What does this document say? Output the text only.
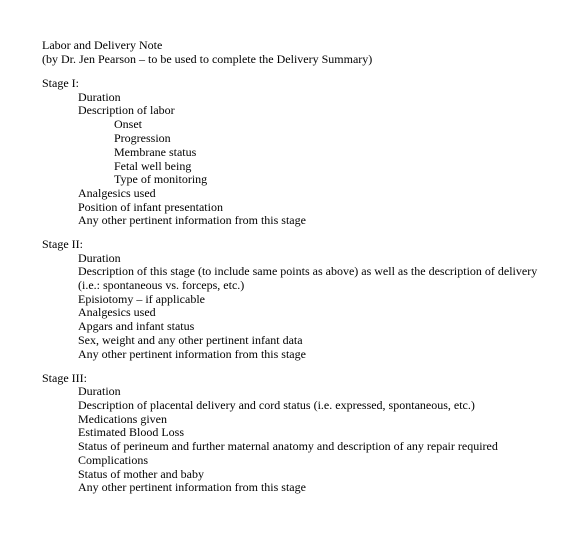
Labor and Delivery Note
(by Dr. Jen Pearson – to be used to complete the Delivery Summary)
Stage I:
Duration
Description of labor
Onset
Progression
Membrane status
Fetal well being
Type of monitoring
Analgesics used
Position of infant presentation
Any other pertinent information from this stage
Stage II:
Duration
Description of this stage (to include same points as above) as well as the description of delivery
(i.e.: spontaneous vs. forceps, etc.)
Episiotomy – if applicable
Analgesics used
Apgars and infant status
Sex, weight and any other pertinent infant data
Any other pertinent information from this stage
Stage III:
Duration
Description of placental delivery and cord status (i.e. expressed, spontaneous, etc.)
Medications given
Estimated Blood Loss
Status of perineum and further maternal anatomy and description of any repair required
Complications
Status of mother and baby
Any other pertinent information from this stage
